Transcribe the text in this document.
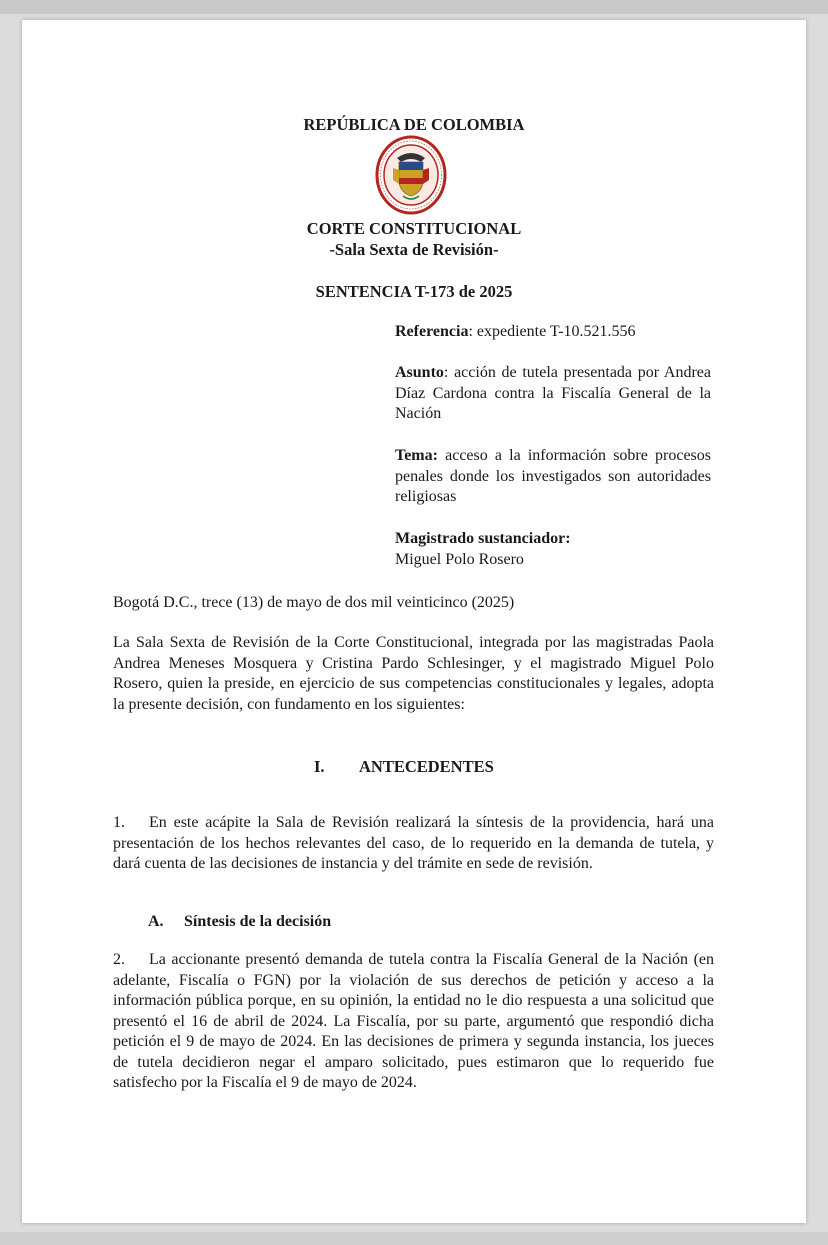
REPÚBLICA DE COLOMBIA
CORTE CONSTITUCIONAL
-Sala Sexta de Revisión-
SENTENCIA T-173 de 2025
Referencia: expediente T-10.521.556
Asunto: acción de tutela presentada por Andrea Díaz Cardona contra la Fiscalía General de la Nación
Tema: acceso a la información sobre procesos penales donde los investigados son autoridades religiosas
Magistrado sustanciador:
Miguel Polo Rosero
Bogotá D.C., trece (13) de mayo de dos mil veinticinco (2025)
La Sala Sexta de Revisión de la Corte Constitucional, integrada por las magistradas Paola Andrea Meneses Mosquera y Cristina Pardo Schlesinger, y el magistrado Miguel Polo Rosero, quien la preside, en ejercicio de sus competencias constitucionales y legales, adopta la presente decisión, con fundamento en los siguientes:
I. ANTECEDENTES
1. En este acápite la Sala de Revisión realizará la síntesis de la providencia, hará una presentación de los hechos relevantes del caso, de lo requerido en la demanda de tutela, y dará cuenta de las decisiones de instancia y del trámite en sede de revisión.
A. Síntesis de la decisión
2. La accionante presentó demanda de tutela contra la Fiscalía General de la Nación (en adelante, Fiscalía o FGN) por la violación de sus derechos de petición y acceso a la información pública porque, en su opinión, la entidad no le dio respuesta a una solicitud que presentó el 16 de abril de 2024. La Fiscalía, por su parte, argumentó que respondió dicha petición el 9 de mayo de 2024. En las decisiones de primera y segunda instancia, los jueces de tutela decidieron negar el amparo solicitado, pues estimaron que lo requerido fue satisfecho por la Fiscalía el 9 de mayo de 2024.
